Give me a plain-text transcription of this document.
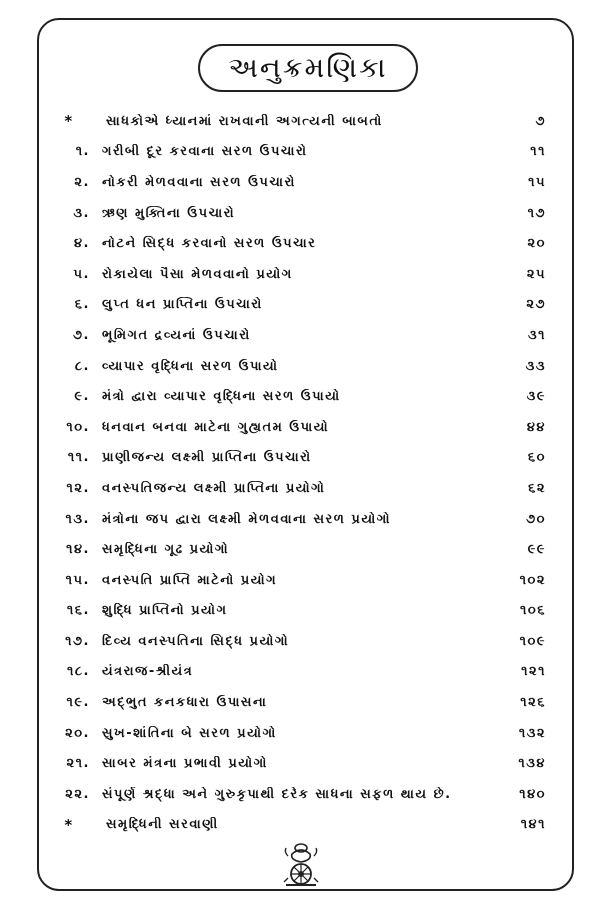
અનુક્રમણિકા
*	સાધકોએ ધ્યાનમાં રાખવાની અગત્યની બાબતો	૭
૧. ગરીબી દૂર કરવાના સરળ ઉપચારો	૧૧
૨. નોકરી મેળવવાના સરળ ઉપચારો	૧૫
૩. ઋણ મુક્તિના ઉપચારો	૧૭
૪. નોટને સિદ્ધ કરવાનો સરળ ઉપચાર	૨૦
૫. રોકાયેલા પૈસા મેળવવાનો પ્રયોગ	૨૫
૬. લુપ્ત ધન પ્રાપ્તિના ઉપચારો	૨૭
૭. ભૂમિગત દ્રવ્યનાં ઉપચારો	૩૧
૮. વ્યાપાર વૃદ્ધિના સરળ ઉપાયો	૩૩
૯. મંત્રો દ્વારા વ્યાપાર વૃદ્ધિના સરળ ઉપાયો	૩૯
૧૦. ધનવાન બનવા માટેના ગુહ્યતમ ઉપાયો	૪૪
૧૧. પ્રાણીજન્ય લક્ષ્મી પ્રાપ્તિના ઉપચારો	૬૦
૧૨. વનસ્પતિજન્ય લક્ષ્મી પ્રાપ્તિના પ્રયોગો	૬૨
૧૩. મંત્રોના જપ દ્વારા લક્ષ્મી મેળવવાના સરળ પ્રયોગો	૭૦
૧૪. સમૃદ્ધિના ગૂઢ પ્રયોગો	૯૯
૧૫. વનસ્પતિ પ્રાપ્તિ માટેનો પ્રયોગ	૧૦૨
૧૬. શુદ્ધિ પ્રાપ્તિનો પ્રયોગ	૧૦૬
૧૭. દિવ્ય વનસ્પતિના સિદ્ધ પ્રયોગો	૧૦૯
૧૮. યંત્રરાજ-શ્રીયંત્ર	૧૨૧
૧૯. અદ્‌ભુત કનકધારા ઉપાસના	૧૨૬
૨૦. સુખ-શાંતિના બે સરળ પ્રયોગો	૧૩૨
૨૧. સાબર મંત્રના પ્રભાવી પ્રયોગો	૧૩૪
૨૨. સંપૂર્ણ શ્રદ્ધા અને ગુરુકૃપાથી દરેક સાધના સફળ થાય છે.	૧૪૦
*	સમૃદ્ધિની સરવાણી	૧૪૧
